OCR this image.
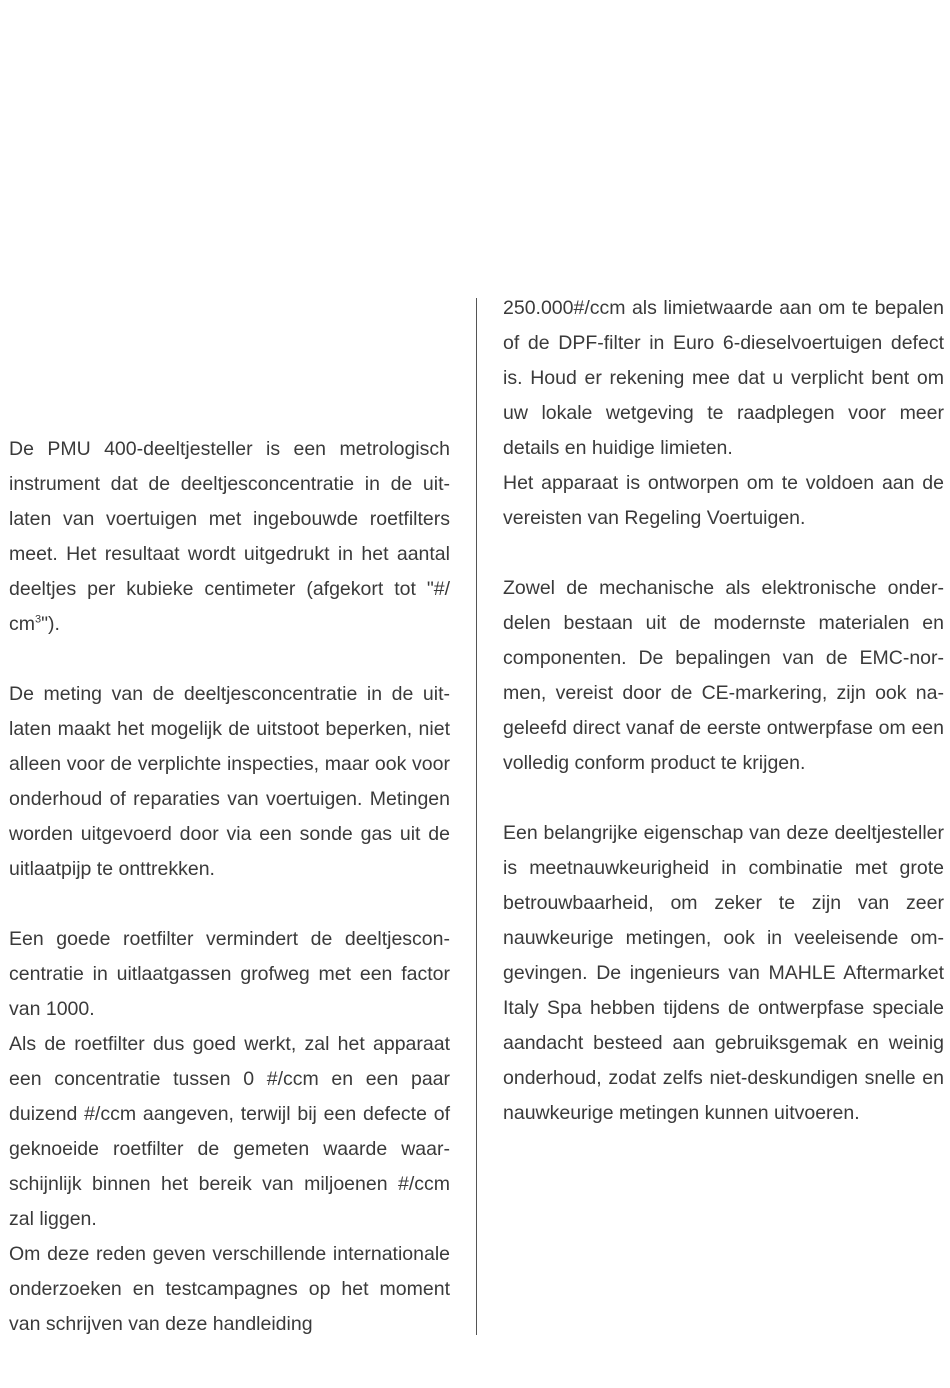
De PMU 400-deeltjesteller is een metrologisch instrument dat de deeltjesconcentratie in de uitlaten van voertuigen met ingebouwde roetfilters meet. Het resultaat wordt uitgedrukt in het aantal deeltjes per kubieke centimeter (afgekort tot "#/ $cm^3$").

De meting van de deeltjesconcentratie in de uitlaten maakt het mogelijk de uitstoot beperken, niet alleen voor de verplichte inspecties, maar ook voor onderhoud of reparaties van voertuigen. Metingen worden uitgevoerd door via een sonde gas uit de uitlaatpijp te onttrekken.

Een goede roetfilter vermindert de deeltjesconcentratie in uitlaatgassen grofweg met een factor van 1000.

Als de roetfilter dus goed werkt, zal het apparaat een concentratie tussen 0 #/ccm en een paar duizend #/ccm aangeven, terwijl bij een defecte of geknoeide roetfilter de gemeten waarde waarschijnlijk binnen het bereik van miljoenen #/ccm zal liggen.

Om deze reden geven verschillende internationale onderzoeken en testcampagnes op het moment van schrijven van deze handleiding

250.000#/ccm als limietwaarde aan om te bepalen of de DPF-filter in Euro 6-dieselvoertuigen defect is. Houd er rekening mee dat u verplicht bent om uw lokale wetgeving te raadplegen voor meer details en huidige limieten.

Het apparaat is ontworpen om te voldoen aan de vereisten van Regeling Voertuigen.

Zowel de mechanische als elektronische onderdelen bestaan uit de modernste materialen en componenten. De bepalingen van de EMC-normen, vereist door de CE-markering, zijn ook nageleefd direct vanaf de eerste ontwerpfase om een volledig conform product te krijgen.

Een belangrijke eigenschap van deze deeltjesteller is meetnauwkeurigheid in combinatie met grote betrouwbaarheid, om zeker te zijn van zeer nauwkeurige metingen, ook in veeleisende omgevingen. De ingenieurs van MAHLE Aftermarket Italy Spa hebben tijdens de ontwerpfase speciale aandacht besteed aan gebruiksgemak en weinig onderhoud, zodat zelfs niet-deskundigen snelle en nauwkeurige metingen kunnen uitvoeren.
